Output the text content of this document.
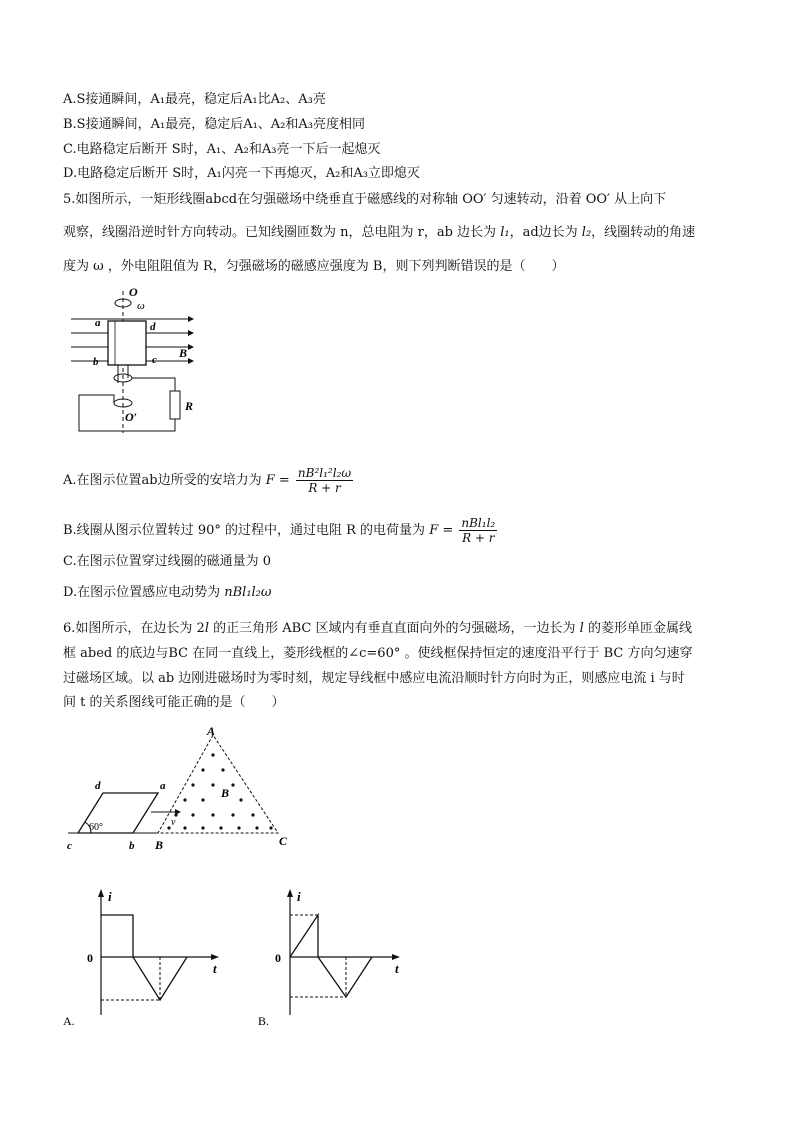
A.S接通瞬间，A₁最亮，稳定后A₁比A₂、A₃亮
B.S接通瞬间，A₁最亮，稳定后A₁、A₂和A₃亮度相同
C.电路稳定后断开 S时，A₁、A₂和A₃亮一下后一起熄灭
D.电路稳定后断开 S时，A₁闪亮一下再熄灭，A₂和A₃立即熄灭
5.如图所示，一矩形线圈abcd在匀强磁场中绕垂直于磁感线的对称轴 OO′ 匀速转动，沿着 OO′ 从上向下
观察，线圈沿逆时针方向转动。已知线圈匝数为 n，总电阻为 r，ab 边长为 l₁，ad边长为 l₂，线圈转动的角速
度为 ω ，外电阻阻值为 R，匀强磁场的磁感应强度为 B，则下列判断错误的是（　　）
O
ω
a	d
b	c B
O′
R
A.在图示位置ab边所受的安培力为 $F = \frac{\text{nB²l₁²l₂ω}}{R + r}$
B.线圈从图示位置转过 90° 的过程中，通过电阻 R 的电荷量为 $F = \frac{\text{nBl₁l₂}}{R + r}$
C.在图示位置穿过线圈的磁通量为 0
D.在图示位置感应电动势为 nBl₁l₂ω
6.如图所示，在边长为 2l 的正三角形 ABC 区域内有垂直直面向外的匀强磁场，一边长为 l 的菱形单匝金属线
框 abed 的底边与BC 在同一直线上，菱形线框的∠c=60° 。使线框保持恒定的速度沿平行于 BC 方向匀速穿
过磁场区域。以 ab 边刚进磁场时为零时刻，规定导线框中感应电流沿顺时针方向时为正，则感应电流 i 与时
间 t 的关系图线可能正确的是（　　）
A
B
C
B
d	a
c	b
60°	v
i
t
0
A.
i
t
0
B.
